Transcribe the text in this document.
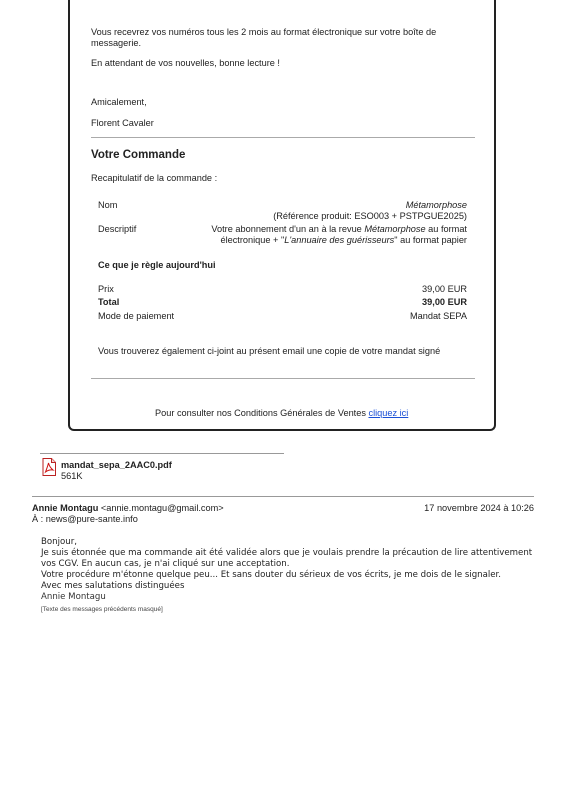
Vous recevrez vos numéros tous les 2 mois au format électronique sur votre boîte de
messagerie.
En attendant de vos nouvelles, bonne lecture !
Amicalement,
Florent Cavaler
Votre Commande
Recapitulatif de la commande :
Nom	Métamorphose
(Référence produit: ESO003 + PSTPGUE2025)
Descriptif	Votre abonnement d'un an à la revue Métamorphose au format
électronique + "L'annuaire des guérisseurs" au format papier
Ce que je règle aujourd'hui
Prix	39,00 EUR
Total	39,00 EUR
Mode de paiement	Mandat SEPA
Vous trouverez également ci-joint au présent email une copie de votre mandat signé
Pour consulter nos Conditions Générales de Ventes cliquez ici
mandat_sepa_2AAC0.pdf
561K
Annie Montagu <annie.montagu@gmail.com>	17 novembre 2024 à 10:26
À : news@pure-sante.info
Bonjour,
Je suis étonnée que ma commande ait été validée alors que je voulais prendre la précaution de lire attentivement
vos CGV. En aucun cas, je n'ai cliqué sur une acceptation.
Votre procédure m'étonne quelque peu... Et sans douter du sérieux de vos écrits, je me dois de le signaler.
Avec mes salutations distinguées
Annie Montagu
[Texte des messages précédents masqué]
